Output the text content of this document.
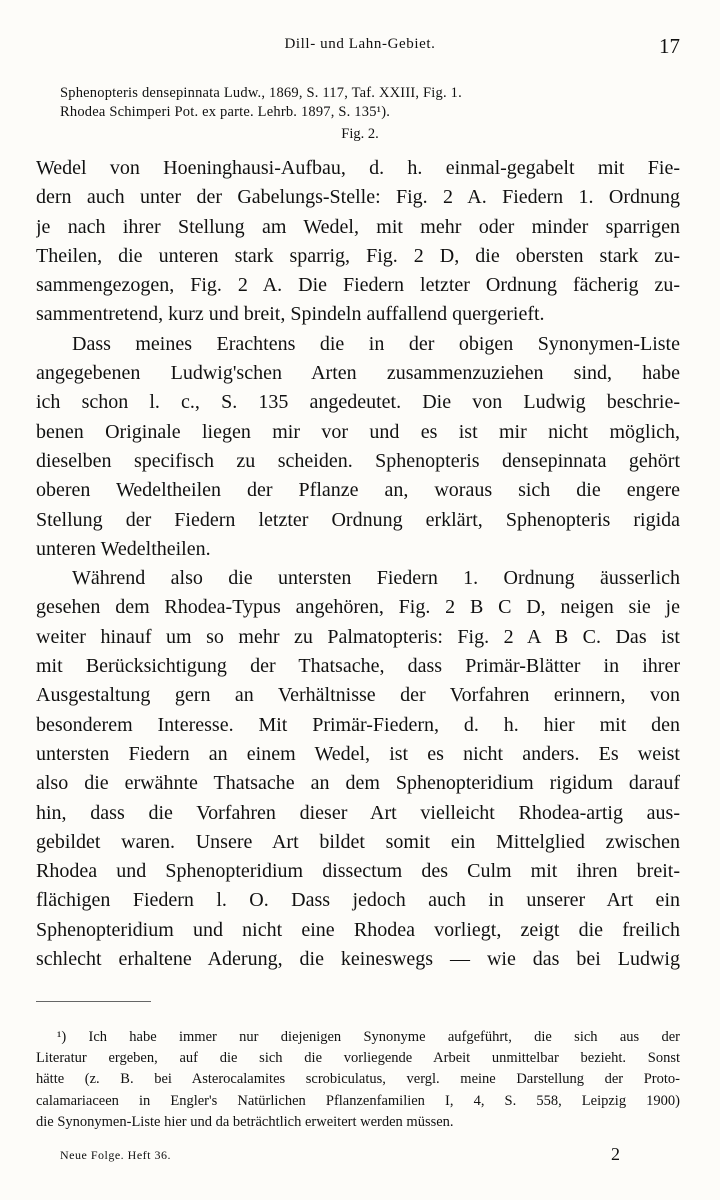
Dill- und Lahn-Gebiet.	17
Sphenopteris densepinnata Ludw., 1869, S. 117, Taf. XXIII, Fig. 1.
Rhodea Schimperi Pot. ex parte. Lehrb. 1897, S. 135¹).
Fig. 2.
Wedel von Hoeninghausi-Aufbau, d. h. einmal-gegabelt mit Fie-
dern auch unter der Gabelungs-Stelle: Fig. 2 A. Fiedern 1. Ordnung
je nach ihrer Stellung am Wedel, mit mehr oder minder sparrigen
Theilen, die unteren stark sparrig, Fig. 2 D, die obersten stark zu-
sammengezogen, Fig. 2 A. Die Fiedern letzter Ordnung fächerig zu-
sammentretend, kurz und breit, Spindeln auffallend quergerieft.
Dass meines Erachtens die in der obigen Synonymen-Liste
angegebenen Ludwig'schen Arten zusammenzuziehen sind, habe
ich schon l. c., S. 135 angedeutet. Die von Ludwig beschrie-
benen Originale liegen mir vor und es ist mir nicht möglich,
dieselben specifisch zu scheiden. Sphenopteris densepinnata gehört
oberen Wedeltheilen der Pflanze an, woraus sich die engere
Stellung der Fiedern letzter Ordnung erklärt, Sphenopteris rigida
unteren Wedeltheilen.
Während also die untersten Fiedern 1. Ordnung äusserlich
gesehen dem Rhodea-Typus angehören, Fig. 2 B C D, neigen sie je
weiter hinauf um so mehr zu Palmatopteris: Fig. 2 A B C. Das ist
mit Berücksichtigung der Thatsache, dass Primär-Blätter in ihrer
Ausgestaltung gern an Verhältnisse der Vorfahren erinnern, von
besonderem Interesse. Mit Primär-Fiedern, d. h. hier mit den
untersten Fiedern an einem Wedel, ist es nicht anders. Es weist
also die erwähnte Thatsache an dem Sphenopteridium rigidum darauf
hin, dass die Vorfahren dieser Art vielleicht Rhodea-artig aus-
gebildet waren. Unsere Art bildet somit ein Mittelglied zwischen
Rhodea und Sphenopteridium dissectum des Culm mit ihren breit-
flächigen Fiedern l. O. Dass jedoch auch in unserer Art ein
Sphenopteridium und nicht eine Rhodea vorliegt, zeigt die freilich
schlecht erhaltene Aderung, die keineswegs — wie das bei Ludwig
¹) Ich habe immer nur diejenigen Synonyme aufgeführt, die sich aus der
Literatur ergeben, auf die sich die vorliegende Arbeit unmittelbar bezieht. Sonst
hätte (z. B. bei Asterocalamites scrobiculatus, vergl. meine Darstellung der Proto-
calamariaceen in Engler's Natürlichen Pflanzenfamilien I, 4, S. 558, Leipzig 1900)
die Synonymen-Liste hier und da beträchtlich erweitert werden müssen.
Neue Folge. Heft 36.	2
